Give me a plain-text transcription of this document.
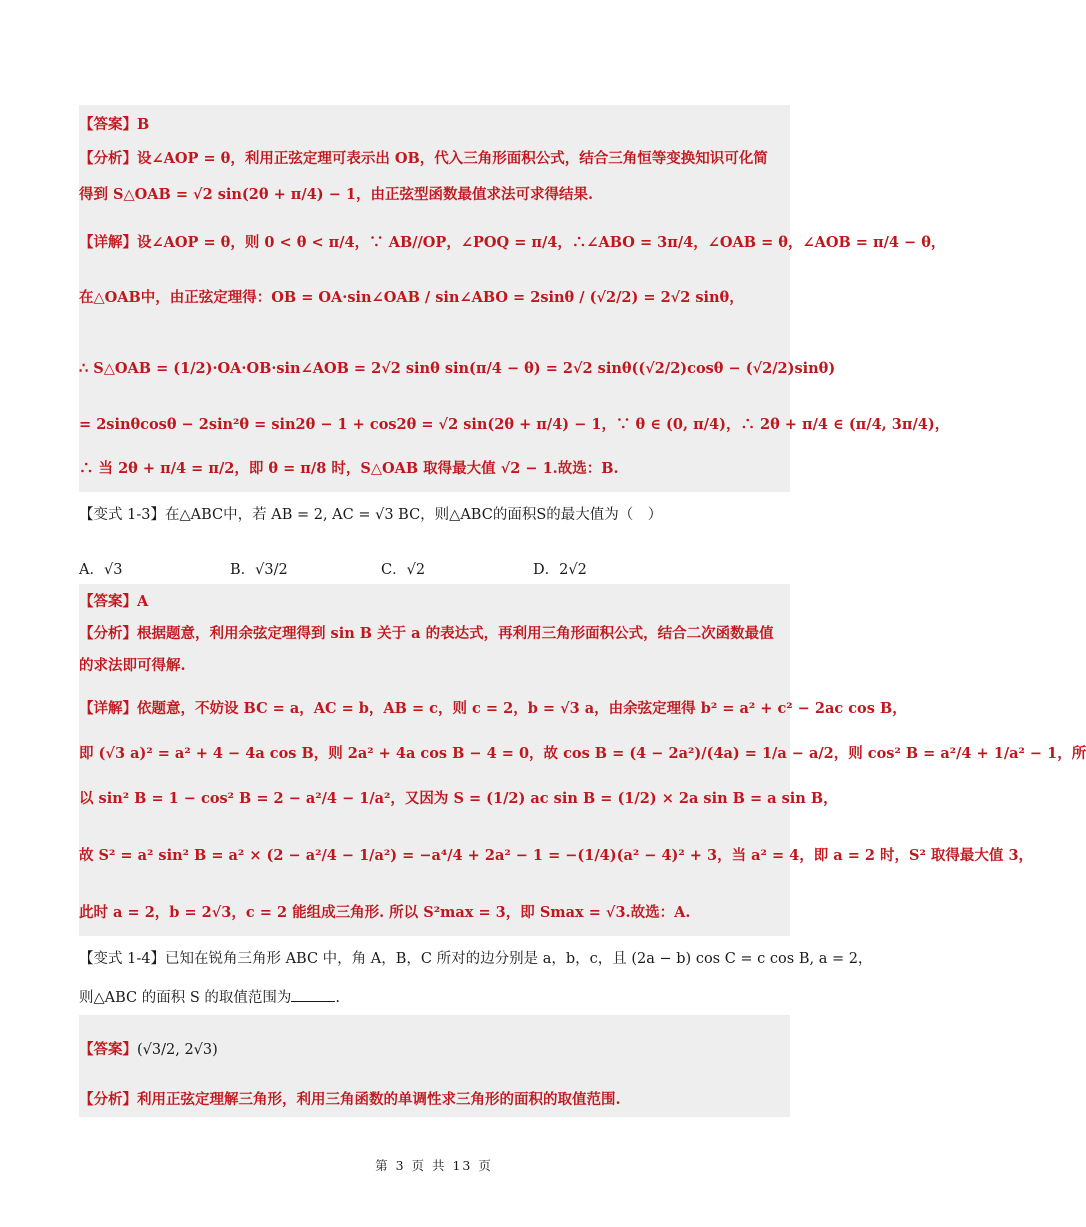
【答案】B
【分析】设∠AOP = θ，利用正弦定理可表示出 OB，代入三角形面积公式，结合三角恒等变换知识可化简
得到 S△OAB = √2 sin(2θ + π/4) − 1，由正弦型函数最值求法可求得结果.
【详解】设∠AOP = θ，则 0 < θ < π/4，∵ AB//OP，∠POQ = π/4，∴∠ABO = 3π/4，∠OAB = θ，∠AOB = π/4 − θ，
在△OAB中，由正弦定理得：OB = OA·sin∠OAB / sin∠ABO = 2sinθ / (√2/2) = 2√2 sinθ，
∴ S△OAB = (1/2)·OA·OB·sin∠AOB = 2√2 sinθ sin(π/4 − θ) = 2√2 sinθ((√2/2)cosθ − (√2/2)sinθ)
= 2sinθcosθ − 2sin²θ = sin2θ − 1 + cos2θ = √2 sin(2θ + π/4) − 1，∵ θ ∈ (0, π/4)，∴ 2θ + π/4 ∈ (π/4, 3π/4)，
∴ 当 2θ + π/4 = π/2，即 θ = π/8 时，S△OAB 取得最大值 √2 − 1.故选：B.
【变式 1-3】在△ABC中，若 AB = 2, AC = √3 BC，则△ABC的面积S的最大值为（　）
A．√3	B．√3/2	C．√2	D．2√2
【答案】A
【分析】根据题意，利用余弦定理得到 sin B 关于 a 的表达式，再利用三角形面积公式，结合二次函数最值
的求法即可得解.
【详解】依题意，不妨设 BC = a，AC = b，AB = c，则 c = 2，b = √3 a，由余弦定理得 b² = a² + c² − 2ac cos B，
即 (√3 a)² = a² + 4 − 4a cos B，则 2a² + 4a cos B − 4 = 0，故 cos B = (4 − 2a²)/(4a) = 1/a − a/2，则 cos² B = a²/4 + 1/a² − 1，所
以 sin² B = 1 − cos² B = 2 − a²/4 − 1/a²，又因为 S = (1/2) ac sin B = (1/2) × 2a sin B = a sin B，
故 S² = a² sin² B = a² × (2 − a²/4 − 1/a²) = −a⁴/4 + 2a² − 1 = −(1/4)(a² − 4)² + 3，当 a² = 4，即 a = 2 时，S² 取得最大值 3，
此时 a = 2，b = 2√3，c = 2 能组成三角形. 所以 S²max = 3，即 Smax = √3.故选：A.
【变式 1-4】已知在锐角三角形 ABC 中，角 A，B，C 所对的边分别是 a，b，c，且 (2a − b) cos C = c cos B, a = 2，
则△ABC 的面积 S 的取值范围为	.
【答案】(√3/2, 2√3)
【分析】利用正弦定理解三角形，利用三角函数的单调性求三角形的面积的取值范围.
第 3 页 共 13 页
